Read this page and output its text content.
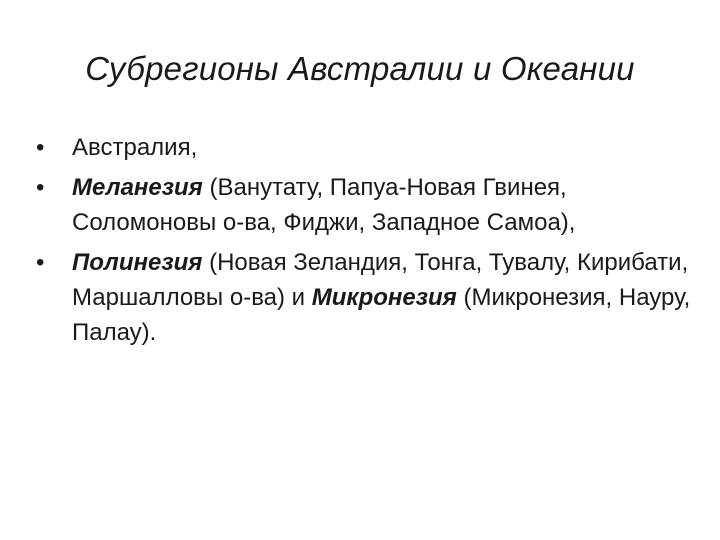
Субрегионы Австралии и Океании
• Австралия,
• Меланезия (Ванутату, Папуа-Новая Гвинея, Соломоновы о-ва, Фиджи, Западное Самоа),
• Полинезия (Новая Зеландия, Тонга, Тувалу, Кирибати, Маршалловы о-ва) и Микронезия (Микронезия, Науру, Палау).
